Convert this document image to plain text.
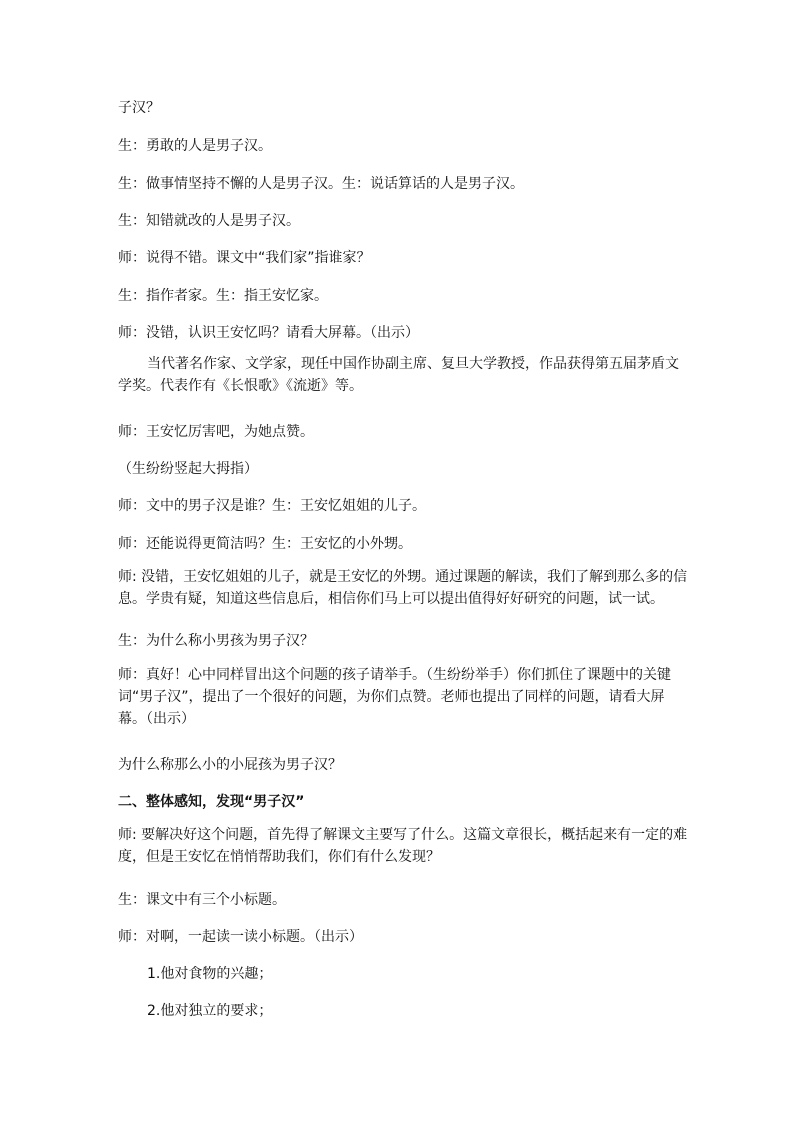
子汉？
生：勇敢的人是男子汉。
生：做事情坚持不懈的人是男子汉。生：说话算话的人是男子汉。
生：知错就改的人是男子汉。
师：说得不错。课文中“我们家”指谁家？
生：指作者家。生：指王安忆家。
师：没错，认识王安忆吗？请看大屏幕。（出示）
当代著名作家、文学家，现任中国作协副主席、复旦大学教授，作品获得第五届茅盾文学奖。代表作有《长恨歌》《流逝》等。
师：王安忆厉害吧，为她点赞。
（生纷纷竖起大拇指）
师：文中的男子汉是谁？生：王安忆姐姐的儿子。
师：还能说得更简洁吗？生：王安忆的小外甥。
师: 没错，王安忆姐姐的儿子，就是王安忆的外甥。通过课题的解读，我们了解到那么多的信息。学贵有疑，知道这些信息后，相信你们马上可以提出值得好好研究的问题，试一试。
生：为什么称小男孩为男子汉？
师：真好！心中同样冒出这个问题的孩子请举手。（生纷纷举手）你们抓住了课题中的关键词“男子汉”，提出了一个很好的问题，为你们点赞。老师也提出了同样的问题，请看大屏幕。（出示）
为什么称那么小的小屁孩为男子汉？
二、整体感知，发现“男子汉”
师: 要解决好这个问题，首先得了解课文主要写了什么。这篇文章很长，概括起来有一定的难度，但是王安忆在悄悄帮助我们，你们有什么发现？
生：课文中有三个小标题。
师：对啊，一起读一读小标题。（出示）
1.他对食物的兴趣；
2.他对独立的要求；
